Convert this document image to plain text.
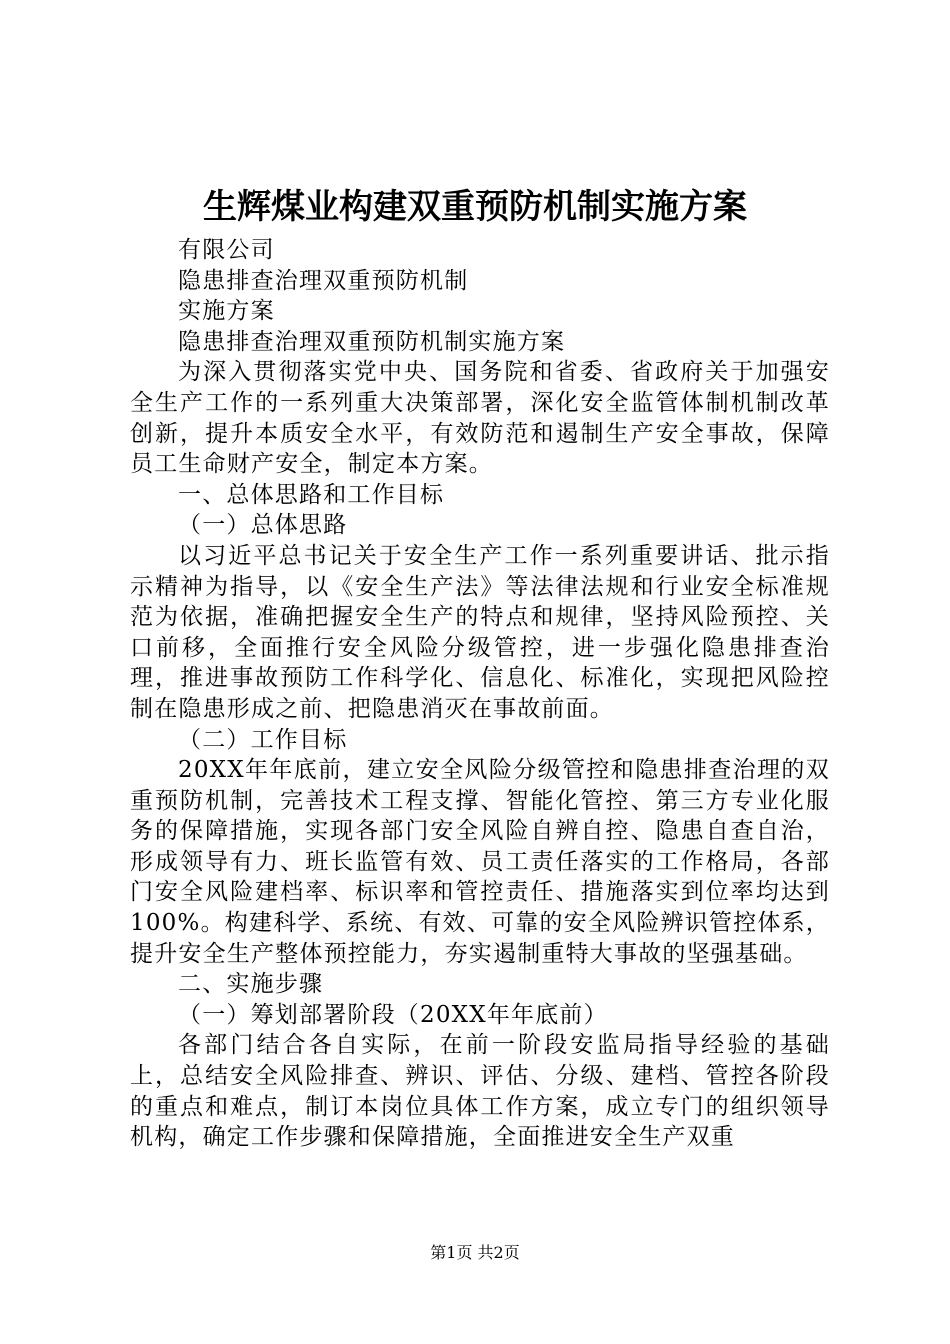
生辉煤业构建双重预防机制实施方案

有限公司

隐患排查治理双重预防机制

实施方案

隐患排查治理双重预防机制实施方案

为深入贯彻落实党中央、国务院和省委、省政府关于加强安全生产工作的一系列重大决策部署，深化安全监管体制机制改革创新，提升本质安全水平，有效防范和遏制生产安全事故，保障员工生命财产安全，制定本方案。

一、总体思路和工作目标

（一）总体思路

以习近平总书记关于安全生产工作一系列重要讲话、批示指示精神为指导，以《安全生产法》等法律法规和行业安全标准规范为依据，准确把握安全生产的特点和规律，坚持风险预控、关口前移，全面推行安全风险分级管控，进一步强化隐患排查治理，推进事故预防工作科学化、信息化、标准化，实现把风险控制在隐患形成之前、把隐患消灭在事故前面。

（二）工作目标

20XX年年底前，建立安全风险分级管控和隐患排查治理的双重预防机制，完善技术工程支撑、智能化管控、第三方专业化服务的保障措施，实现各部门安全风险自辨自控、隐患自查自治，形成领导有力、班长监管有效、员工责任落实的工作格局，各部门安全风险建档率、标识率和管控责任、措施落实到位率均达到100%。构建科学、系统、有效、可靠的安全风险辨识管控体系，提升安全生产整体预控能力，夯实遏制重特大事故的坚强基础。

二、实施步骤

（一）筹划部署阶段（20XX年年底前）

各部门结合各自实际，在前一阶段安监局指导经验的基础上，总结安全风险排查、辨识、评估、分级、建档、管控各阶段的重点和难点，制订本岗位具体工作方案，成立专门的组织领导机构，确定工作步骤和保障措施，全面推进安全生产双重

第1页 共2页
